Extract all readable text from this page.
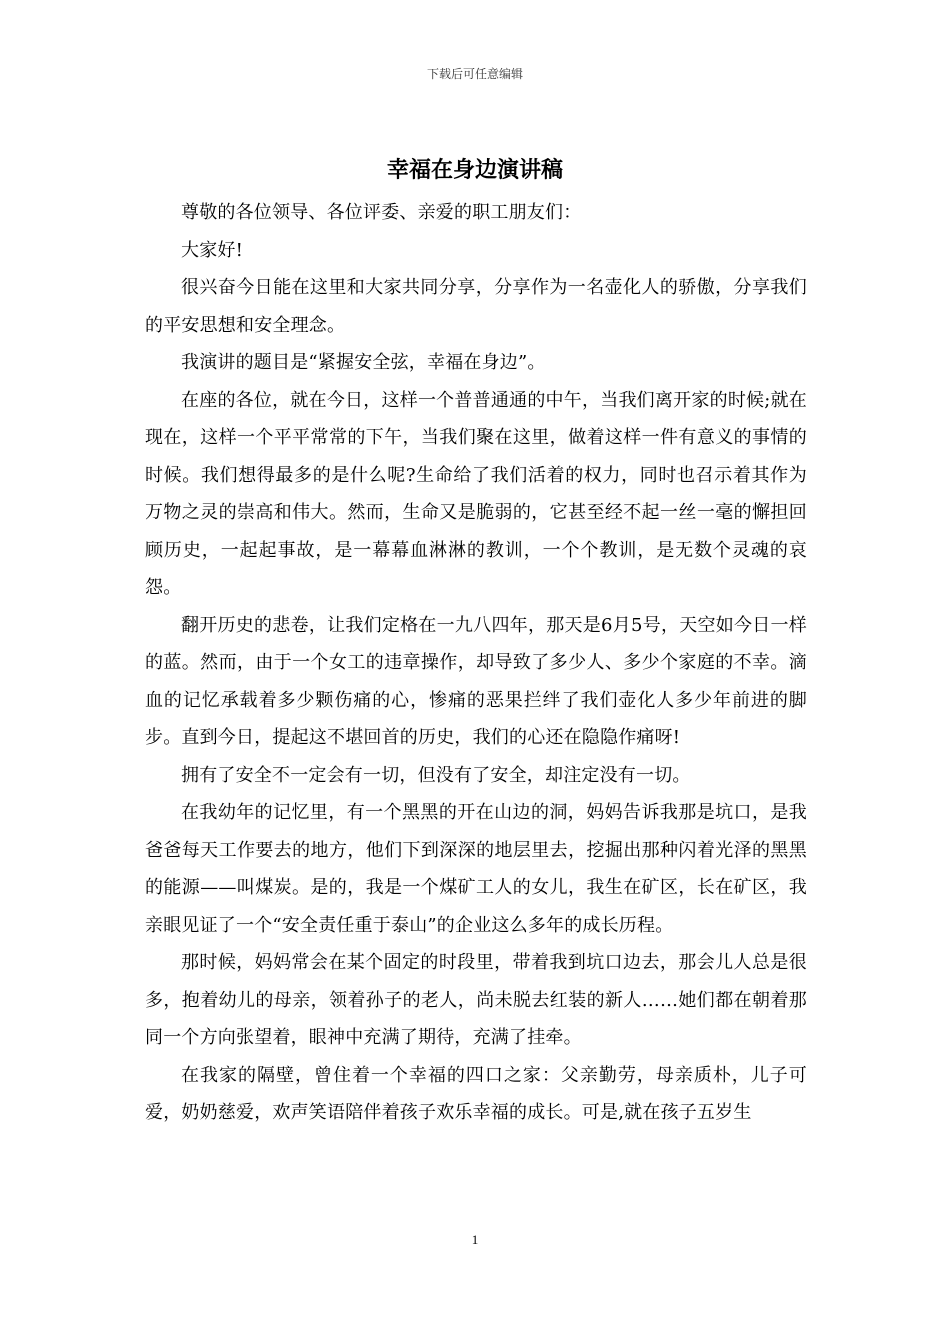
下载后可任意编辑
幸福在身边演讲稿

尊敬的各位领导、各位评委、亲爱的职工朋友们：

大家好!

很兴奋今日能在这里和大家共同分享，分享作为一名壶化人的骄傲，分享我们的平安思想和安全理念。

我演讲的题目是“紧握安全弦，幸福在身边”。

在座的各位，就在今日，这样一个普普通通的中午，当我们离开家的时候;就在现在，这样一个平平常常的下午，当我们聚在这里，做着这样一件有意义的事情的时候。我们想得最多的是什么呢?生命给了我们活着的权力，同时也召示着其作为万物之灵的崇高和伟大。然而，生命又是脆弱的，它甚至经不起一丝一毫的懈担回顾历史，一起起事故，是一幕幕血淋淋的教训，一个个教训，是无数个灵魂的哀怨。

翻开历史的悲卷，让我们定格在一九八四年，那天是6月5号，天空如今日一样的蓝。然而，由于一个女工的违章操作，却导致了多少人、多少个家庭的不幸。滴血的记忆承载着多少颗伤痛的心，惨痛的恶果拦绊了我们壶化人多少年前进的脚步。直到今日，提起这不堪回首的历史，我们的心还在隐隐作痛呀!

拥有了安全不一定会有一切，但没有了安全，却注定没有一切。

在我幼年的记忆里，有一个黑黑的开在山边的洞，妈妈告诉我那是坑口，是我爸爸每天工作要去的地方，他们下到深深的地层里去，挖掘出那种闪着光泽的黑黑的能源——叫煤炭。是的，我是一个煤矿工人的女儿，我生在矿区，长在矿区，我亲眼见证了一个“安全责任重于泰山”的企业这么多年的成长历程。

那时候，妈妈常会在某个固定的时段里，带着我到坑口边去，那会儿人总是很多，抱着幼儿的母亲，领着孙子的老人，尚未脱去红装的新人……她们都在朝着那同一个方向张望着，眼神中充满了期待，充满了挂牵。

在我家的隔壁，曾住着一个幸福的四口之家：父亲勤劳，母亲质朴，儿子可爱，奶奶慈爱，欢声笑语陪伴着孩子欢乐幸福的成长。可是,就在孩子五岁生

1
